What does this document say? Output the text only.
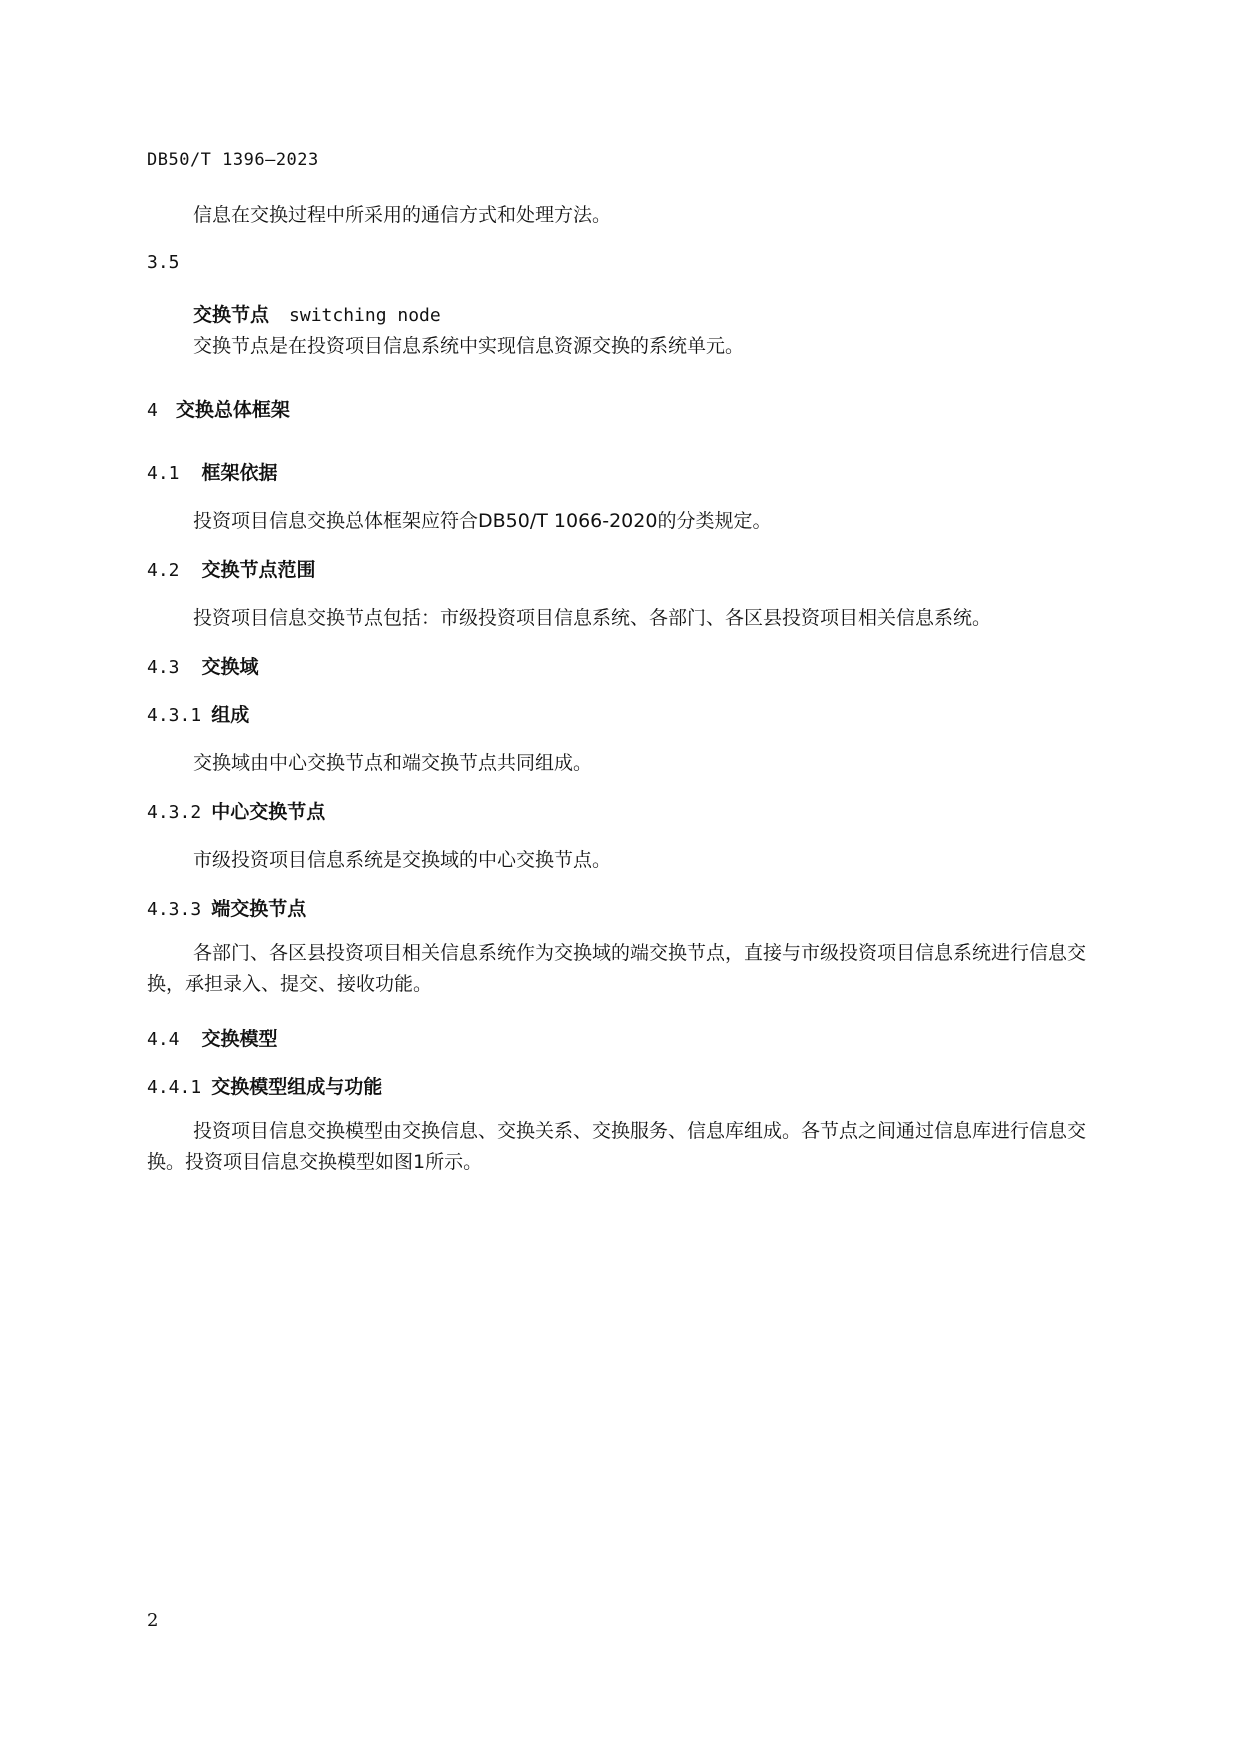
DB50/T 1396—2023
信息在交换过程中所采用的通信方式和处理方法。
3.5
交换节点 switching node
交换节点是在投资项目信息系统中实现信息资源交换的系统单元。
4 交换总体框架
4.1 框架依据
投资项目信息交换总体框架应符合DB50/T 1066-2020的分类规定。
4.2 交换节点范围
投资项目信息交换节点包括：市级投资项目信息系统、各部门、各区县投资项目相关信息系统。
4.3 交换域
4.3.1 组成
交换域由中心交换节点和端交换节点共同组成。
4.3.2 中心交换节点
市级投资项目信息系统是交换域的中心交换节点。
4.3.3 端交换节点
各部门、各区县投资项目相关信息系统作为交换域的端交换节点，直接与市级投资项目信息系统进行信息交换，承担录入、提交、接收功能。
4.4 交换模型
4.4.1 交换模型组成与功能
投资项目信息交换模型由交换信息、交换关系、交换服务、信息库组成。各节点之间通过信息库进行信息交换。投资项目信息交换模型如图1所示。
2
